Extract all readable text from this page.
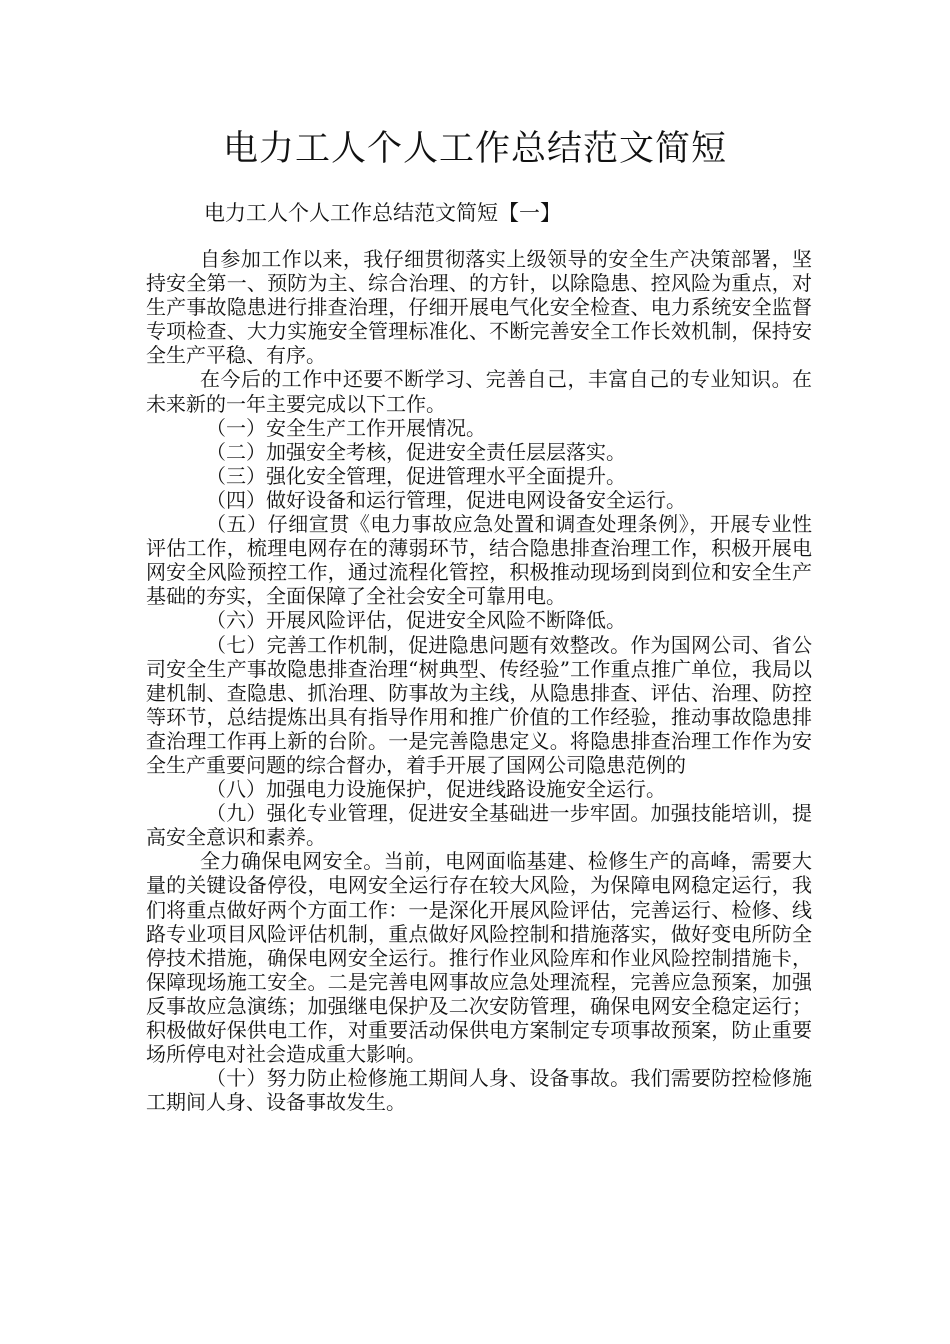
电力工人个人工作总结范文简短
电力工人个人工作总结范文简短【一】

自参加工作以来，我仔细贯彻落实上级领导的安全生产决策部署，坚持安全第一、预防为主、综合治理、的方针，以除隐患、控风险为重点，对生产事故隐患进行排查治理，仔细开展电气化安全检查、电力系统安全监督专项检查、大力实施安全管理标准化、不断完善安全工作长效机制，保持安全生产平稳、有序。

在今后的工作中还要不断学习、完善自己，丰富自己的专业知识。在未来新的一年主要完成以下工作。

（一）安全生产工作开展情况。

（二）加强安全考核，促进安全责任层层落实。

（三）强化安全管理，促进管理水平全面提升。

（四）做好设备和运行管理，促进电网设备安全运行。

（五）仔细宣贯《电力事故应急处置和调查处理条例》，开展专业性评估工作，梳理电网存在的薄弱环节，结合隐患排查治理工作，积极开展电网安全风险预控工作，通过流程化管控，积极推动现场到岗到位和安全生产基础的夯实，全面保障了全社会安全可靠用电。

（六）开展风险评估，促进安全风险不断降低。

（七）完善工作机制，促进隐患问题有效整改。作为国网公司、省公司安全生产事故隐患排查治理“树典型、传经验”工作重点推广单位，我局以建机制、查隐患、抓治理、防事故为主线，从隐患排查、评估、治理、防控等环节，总结提炼出具有指导作用和推广价值的工作经验，推动事故隐患排查治理工作再上新的台阶。一是完善隐患定义。将隐患排查治理工作作为安全生产重要问题的综合督办，着手开展了国网公司隐患范例的

（八）加强电力设施保护，促进线路设施安全运行。

（九）强化专业管理，促进安全基础进一步牢固。加强技能培训，提高安全意识和素养。

全力确保电网安全。当前，电网面临基建、检修生产的高峰，需要大量的关键设备停役，电网安全运行存在较大风险，为保障电网稳定运行，我们将重点做好两个方面工作：一是深化开展风险评估，完善运行、检修、线路专业项目风险评估机制，重点做好风险控制和措施落实，做好变电所防全停技术措施，确保电网安全运行。推行作业风险库和作业风险控制措施卡，保障现场施工安全。二是完善电网事故应急处理流程，完善应急预案，加强反事故应急演练；加强继电保护及二次安防管理，确保电网安全稳定运行；积极做好保供电工作，对重要活动保供电方案制定专项事故预案，防止重要场所停电对社会造成重大影响。

（十）努力防止检修施工期间人身、设备事故。我们需要防控检修施工期间人身、设备事故发生。
